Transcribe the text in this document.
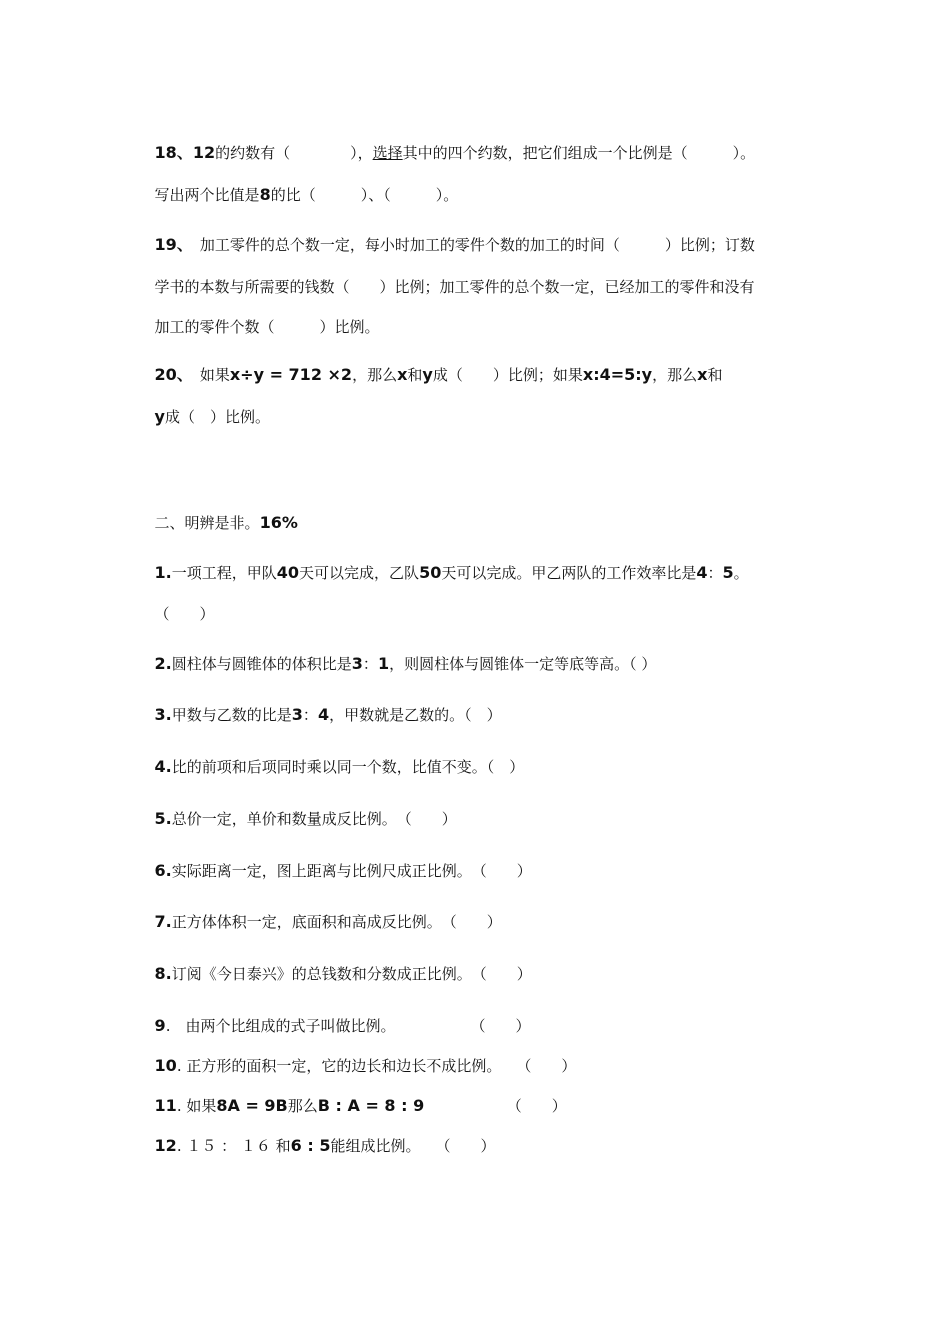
18、12的约数有（　　　　），选择其中的四个约数，把它们组成一个比例是（　　　）。

写出两个比值是8的比（　　　）、（　　　）。

19、　加工零件的总个数一定，每小时加工的零件个数的加工的时间（　　　）比例；订数

学书的本数与所需要的钱数（　　）比例；加工零件的总个数一定，已经加工的零件和没有

加工的零件个数（　　　）比例。

20、　如果x÷y = 712 ×2，那么x和y成（　　）比例；如果x:4=5:y，那么x和

y成（　）比例。

二、明辨是非。16%

1.一项工程，甲队40天可以完成，乙队50天可以完成。甲乙两队的工作效率比是4：5。

（　　）

2.圆柱体与圆锥体的体积比是3：1，则圆柱体与圆锥体一定等底等高。（ ）

3.甲数与乙数的比是3：4，甲数就是乙数的。（　）

4.比的前项和后项同时乘以同一个数，比值不变。（　）

5.总价一定，单价和数量成反比例。　（　　）

6.实际距离一定，图上距离与比例尺成正比例。　（　　）

7.正方体体积一定，底面积和高成反比例。　（　　）

8.订阅《今日泰兴》的总钱数和分数成正比例。　（　　）

9.　由两个比组成的式子叫做比例。　　　　　　（　　）

10. 正方形的面积一定，它的边长和边长不成比例。　　（　　）

11. 如果8A = 9B那么B : A = 8 : 9　　　　　　（　　）

12. １５ ： １６ 和6 : 5能组成比例。　　（　　）
